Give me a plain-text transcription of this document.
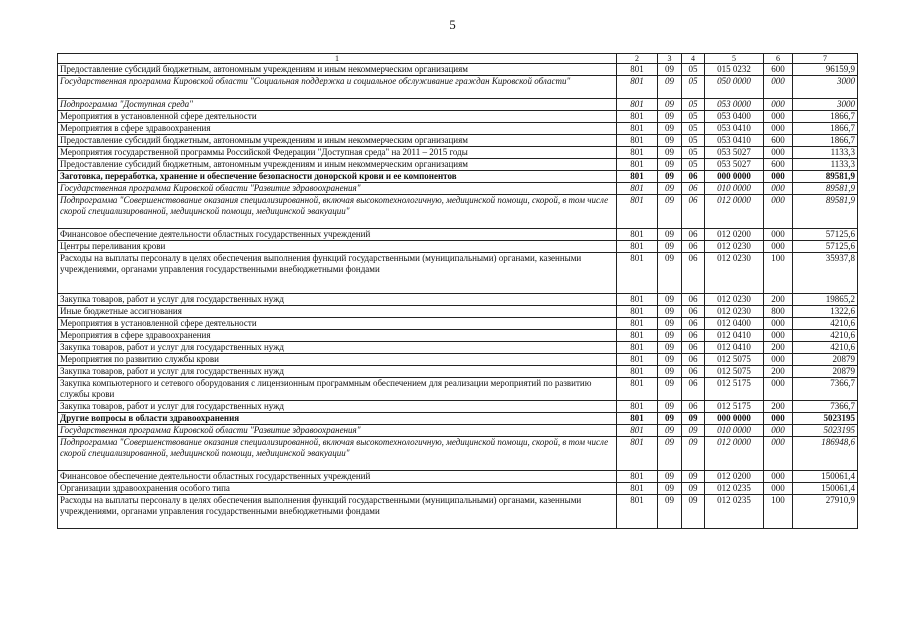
5
1	2	3	4	5	6	7
Предоставление субсидий бюджетным, автономным учреждениям и иным некоммерческим организациям	801	09	05	015 0232	600	96159,9
Государственная программа Кировской области "Социальная поддержка и социальное обслуживание граждан Кировской области"	801	09	05	050 0000	000	3000
Подпрограмма "Доступная среда"	801	09	05	053 0000	000	3000
Мероприятия в установленной сфере деятельности	801	09	05	053 0400	000	1866,7
Мероприятия в сфере здравоохранения	801	09	05	053 0410	000	1866,7
Предоставление субсидий бюджетным, автономным учреждениям и иным некоммерческим организациям	801	09	05	053 0410	600	1866,7
Мероприятия государственной программы Российской Федерации "Доступная среда" на 2011 – 2015 годы	801	09	05	053 5027	000	1133,3
Предоставление субсидий бюджетным, автономным учреждениям и иным некоммерческим организациям	801	09	05	053 5027	600	1133,3
Заготовка, переработка, хранение и обеспечение безопасности донорской крови и ее компонентов	801	09	06	000 0000	000	89581,9
Государственная программа Кировской области "Развитие здравоохранения"	801	09	06	010 0000	000	89581,9
Подпрограмма "Совершенствование оказания специализированной, включая высокотехнологичную, медицинской помощи, скорой, в том числе скорой специализированной, медицинской помощи, медицинской эвакуации"	801	09	06	012 0000	000	89581,9
Финансовое обеспечение деятельности областных государственных учреждений	801	09	06	012 0200	000	57125,6
Центры переливания крови	801	09	06	012 0230	000	57125,6
Расходы на выплаты персоналу в целях обеспечения выполнения функций государственными (муниципальными) органами, казенными учреждениями, органами управления государственными внебюджетными фондами	801	09	06	012 0230	100	35937,8
Закупка товаров, работ и услуг для государственных нужд	801	09	06	012 0230	200	19865,2
Иные бюджетные ассигнования	801	09	06	012 0230	800	1322,6
Мероприятия в установленной сфере деятельности	801	09	06	012 0400	000	4210,6
Мероприятия в сфере здравоохранения	801	09	06	012 0410	000	4210,6
Закупка товаров, работ и услуг для государственных нужд	801	09	06	012 0410	200	4210,6
Мероприятия по развитию службы крови	801	09	06	012 5075	000	20879
Закупка товаров, работ и услуг для государственных нужд	801	09	06	012 5075	200	20879
Закупка компьютерного и сетевого оборудования с лицензионным программным обеспечением для реализации мероприятий по развитию службы крови	801	09	06	012 5175	000	7366,7
Закупка товаров, работ и услуг для государственных нужд	801	09	06	012 5175	200	7366,7
Другие вопросы в области здравоохранения	801	09	09	000 0000	000	5023195
Государственная программа Кировской области "Развитие здравоохранения"	801	09	09	010 0000	000	5023195
Подпрограмма "Совершенствование оказания специализированной, включая высокотехнологичную, медицинской помощи, скорой, в том числе скорой специализированной, медицинской помощи, медицинской эвакуации"	801	09	09	012 0000	000	186948,6
Финансовое обеспечение деятельности областных государственных учреждений	801	09	09	012 0200	000	150061,4
Организации здравоохранения особого типа	801	09	09	012 0235	000	150061,4
Расходы на выплаты персоналу в целях обеспечения выполнения функций государственными (муниципальными) органами, казенными учреждениями, органами управления государственными внебюджетными фондами	801	09	09	012 0235	100	27910,9
